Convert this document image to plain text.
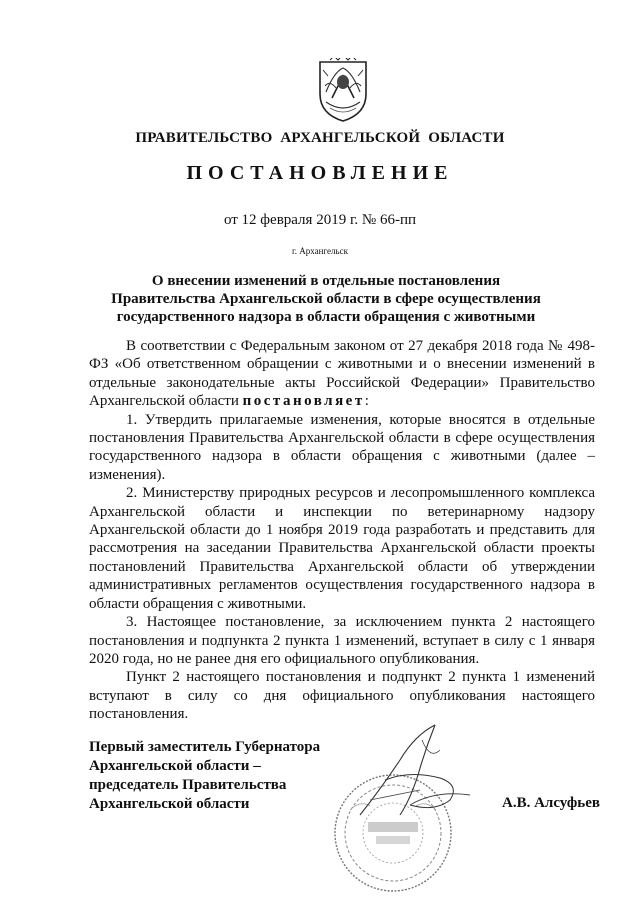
ПРАВИТЕЛЬСТВО АРХАНГЕЛЬСКОЙ ОБЛАСТИ
ПОСТАНОВЛЕНИЕ
от 12 февраля 2019 г. № 66-пп
г. Архангельск
О внесении изменений в отдельные постановления
Правительства Архангельской области в сфере осуществления
государственного надзора в области обращения с животными

В соответствии с Федеральным законом от 27 декабря 2018 года № 498-ФЗ «Об ответственном обращении с животными и о внесении изменений в отдельные законодательные акты Российской Федерации» Правительство Архангельской области постановляет:

1. Утвердить прилагаемые изменения, которые вносятся в отдельные постановления Правительства Архангельской области в сфере осуществления государственного надзора в области обращения с животными (далее – изменения).

2. Министерству природных ресурсов и лесопромышленного комплекса Архангельской области и инспекции по ветеринарному надзору Архангельской области до 1 ноября 2019 года разработать и представить для рассмотрения на заседании Правительства Архангельской области проекты постановлений Правительства Архангельской области об утверждении административных регламентов осуществления государственного надзора в области обращения с животными.

3. Настоящее постановление, за исключением пункта 2 настоящего постановления и подпункта 2 пункта 1 изменений, вступает в силу с 1 января 2020 года, но не ранее дня его официального опубликования.

Пункт 2 настоящего постановления и подпункт 2 пункта 1 изменений вступают в силу со дня официального опубликования настоящего постановления.

Первый заместитель Губернатора
Архангельской области –
председатель Правительства
Архангельской области	А.В. Алсуфьев
